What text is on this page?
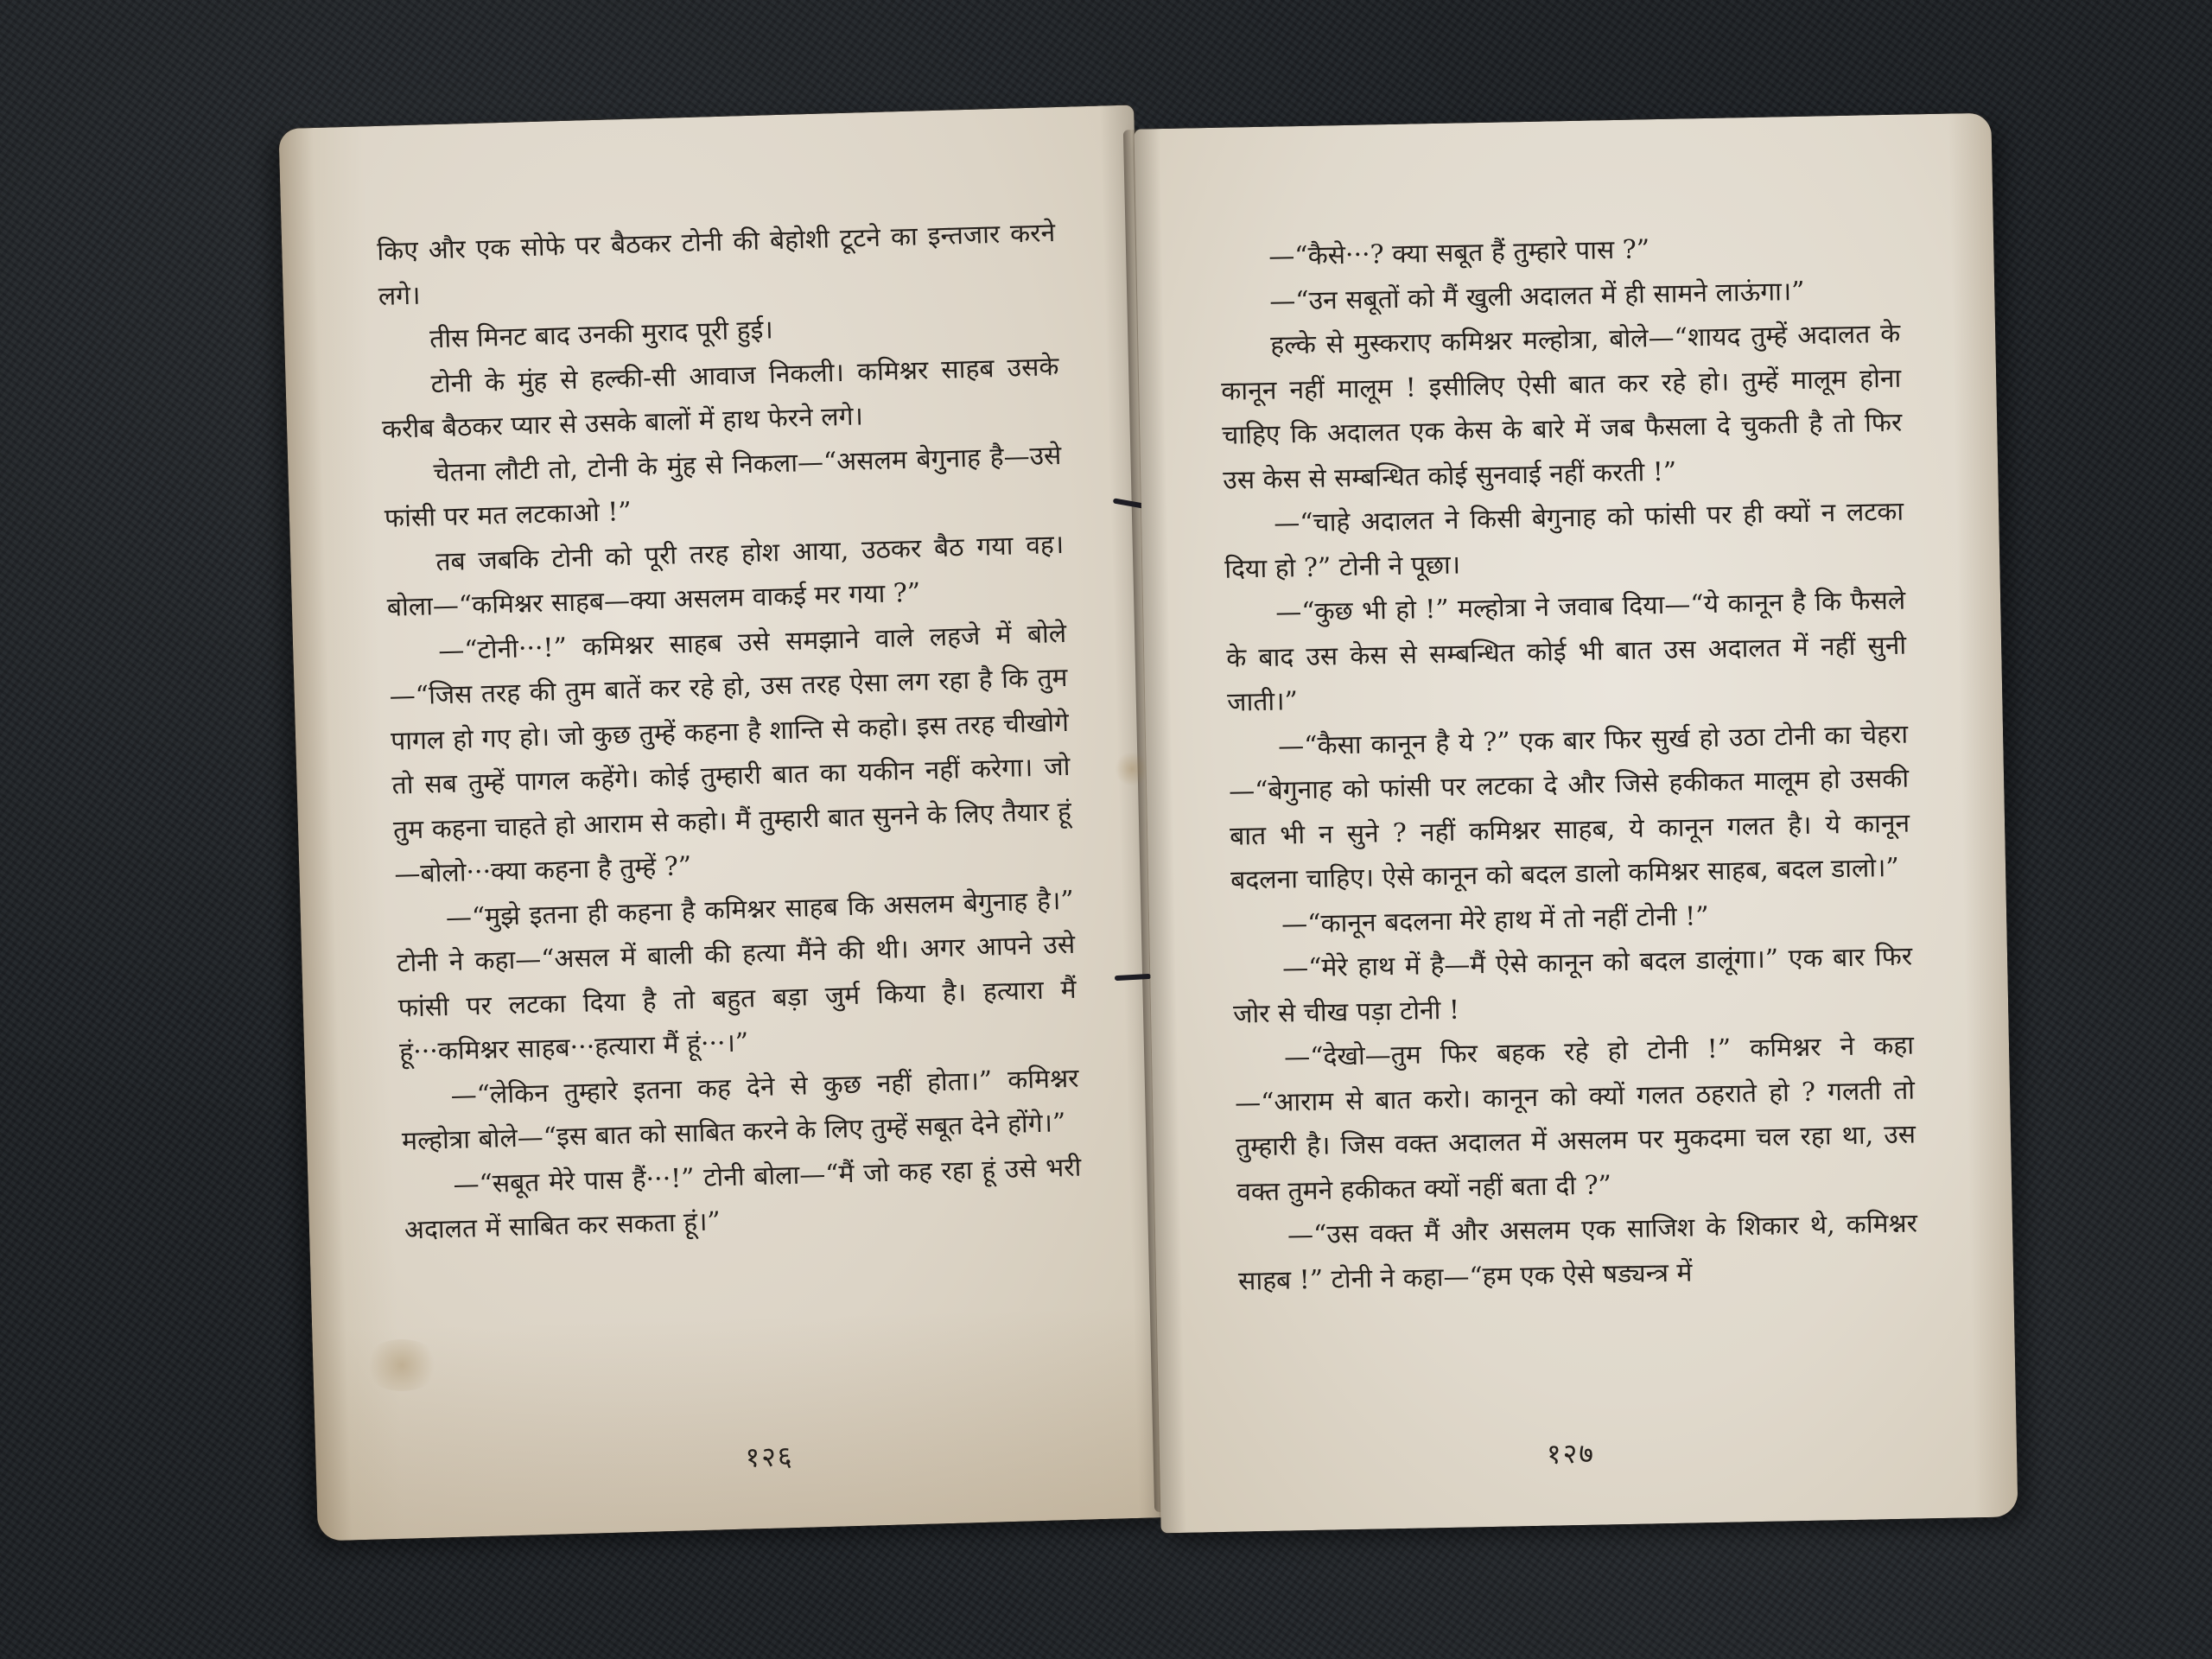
किए और एक सोफे पर बैठकर टोनी की बेहोशी टूटने का इन्तजार करने लगे।

तीस मिनट बाद उनकी मुराद पूरी हुई।

टोनी के मुंह से हल्की-सी आवाज निकली। कमिश्नर साहब उसके करीब बैठकर प्यार से उसके बालों में हाथ फेरने लगे।

चेतना लौटी तो, टोनी के मुंह से निकला—“असलम बेगुनाह है—उसे फांसी पर मत लटकाओ !”

तब जबकि टोनी को पूरी तरह होश आया, उठकर बैठ गया वह। बोला—“कमिश्नर साहब—क्या असलम वाकई मर गया ?”

—“टोनी···!” कमिश्नर साहब उसे समझाने वाले लहजे में बोले—“जिस तरह की तुम बातें कर रहे हो, उस तरह ऐसा लग रहा है कि तुम पागल हो गए हो। जो कुछ तुम्हें कहना है शान्ति से कहो। इस तरह चीखोगे तो सब तुम्हें पागल कहेंगे। कोई तुम्हारी बात का यकीन नहीं करेगा। जो तुम कहना चाहते हो आराम से कहो। मैं तुम्हारी बात सुनने के लिए तैयार हूं—बोलो···क्या कहना है तुम्हें ?”

—“मुझे इतना ही कहना है कमिश्नर साहब कि असलम बेगुनाह है।” टोनी ने कहा—“असल में बाली की हत्या मैंने की थी। अगर आपने उसे फांसी पर लटका दिया है तो बहुत बड़ा जुर्म किया है। हत्यारा मैं हूं···कमिश्नर साहब···हत्यारा मैं हूं···।”

—“लेकिन तुम्हारे इतना कह देने से कुछ नहीं होता।” कमिश्नर मल्होत्रा बोले—“इस बात को साबित करने के लिए तुम्हें सबूत देने होंगे।”

—“सबूत मेरे पास हैं···!” टोनी बोला—“मैं जो कह रहा हूं उसे भरी अदालत में साबित कर सकता हूं।”

१२६

—“कैसे···? क्या सबूत हैं तुम्हारे पास ?”

—“उन सबूतों को मैं खुली अदालत में ही सामने लाऊंगा।”

हल्के से मुस्कराए कमिश्नर मल्होत्रा, बोले—“शायद तुम्हें अदालत के कानून नहीं मालूम ! इसीलिए ऐसी बात कर रहे हो। तुम्हें मालूम होना चाहिए कि अदालत एक केस के बारे में जब फैसला दे चुकती है तो फिर उस केस से सम्बन्धित कोई सुनवाई नहीं करती !”

—“चाहे अदालत ने किसी बेगुनाह को फांसी पर ही क्यों न लटका दिया हो ?” टोनी ने पूछा।

—“कुछ भी हो !” मल्होत्रा ने जवाब दिया—“ये कानून है कि फैसले के बाद उस केस से सम्बन्धित कोई भी बात उस अदालत में नहीं सुनी जाती।”

—“कैसा कानून है ये ?” एक बार फिर सुर्ख हो उठा टोनी का चेहरा—“बेगुनाह को फांसी पर लटका दे और जिसे हकीकत मालूम हो उसकी बात भी न सुने ? नहीं कमिश्नर साहब, ये कानून गलत है। ये कानून बदलना चाहिए। ऐसे कानून को बदल डालो कमिश्नर साहब, बदल डालो।”

—“कानून बदलना मेरे हाथ में तो नहीं टोनी !”

—“मेरे हाथ में है—मैं ऐसे कानून को बदल डालूंगा।” एक बार फिर जोर से चीख पड़ा टोनी !

—“देखो—तुम फिर बहक रहे हो टोनी !” कमिश्नर ने कहा—“आराम से बात करो। कानून को क्यों गलत ठहराते हो ? गलती तो तुम्हारी है। जिस वक्त अदालत में असलम पर मुकदमा चल रहा था, उस वक्त तुमने हकीकत क्यों नहीं बता दी ?”

—“उस वक्त मैं और असलम एक साजिश के शिकार थे, कमिश्नर साहब !” टोनी ने कहा—“हम एक ऐसे षड्यन्त्र में

१२७
